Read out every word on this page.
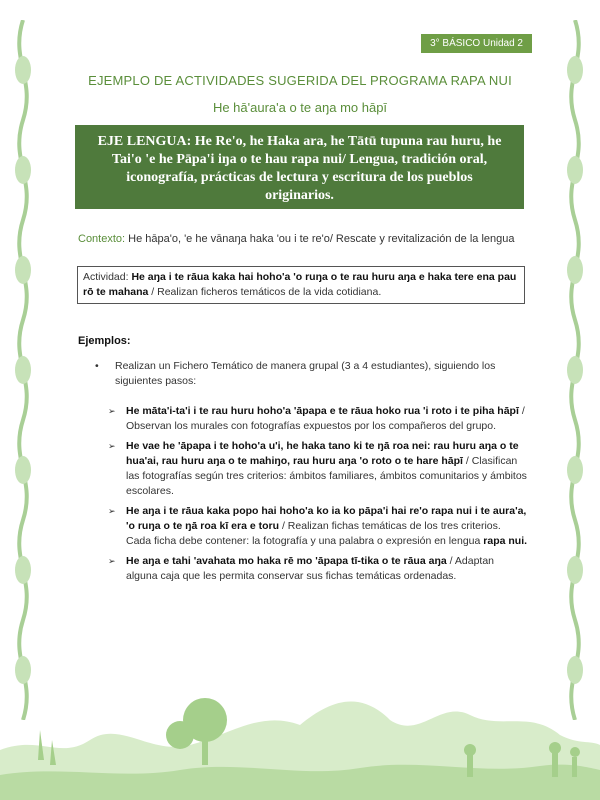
3° BÁSICO Unidad 2
EJEMPLO DE ACTIVIDADES SUGERIDA DEL PROGRAMA RAPA NUI
He hā'aura'a o te aŋa mo hāpī
EJE LENGUA: He Re'o, he Haka ara, he Tātū tupuna rau huru, he
Tai'o 'e he Pāpa'i iŋa o te hau rapa nui/ Lengua, tradición oral,
iconografía, prácticas de lectura y escritura de los pueblos
originarios.
Contexto: He hāpa'o, 'e he vānaŋa haka 'ou i te re'o/ Rescate y revitalización de la lengua
Actividad: He aŋa i te rāua kaka hai hoho'a 'o ruŋa o te rau huru aŋa e haka tere ena pau rō te mahana / Realizan ficheros temáticos de la vida cotidiana.
Ejemplos:
• Realizan un Fichero Temático de manera grupal (3 a 4 estudiantes), siguiendo los siguientes pasos:
➢ He māta'i-ta'i i te rau huru hoho'a 'āpapa e te rāua hoko rua 'i roto i te piha hāpī / Observan los murales con fotografías expuestos por los compañeros del grupo.
➢ He vae he 'āpapa i te hoho'a u'i, he haka tano ki te ŋā roa nei: rau huru aŋa o te hua'ai, rau huru aŋa o te mahiŋo, rau huru aŋa 'o roto o te hare hāpī / Clasifican las fotografías según tres criterios: ámbitos familiares, ámbitos comunitarios y ámbitos escolares.
➢ He aŋa i te rāua kaka popo hai hoho'a ko ia ko pāpa'i hai re'o rapa nui i te aura'a, 'o ruŋa o te ŋā roa kī era e toru / Realizan fichas temáticas de los tres criterios. Cada ficha debe contener: la fotografía y una palabra o expresión en lengua rapa nui.
➢ He aŋa e tahi 'avahata mo haka rē mo 'āpapa tī-tika o te rāua aŋa / Adaptan alguna caja que les permita conservar sus fichas temáticas ordenadas.
